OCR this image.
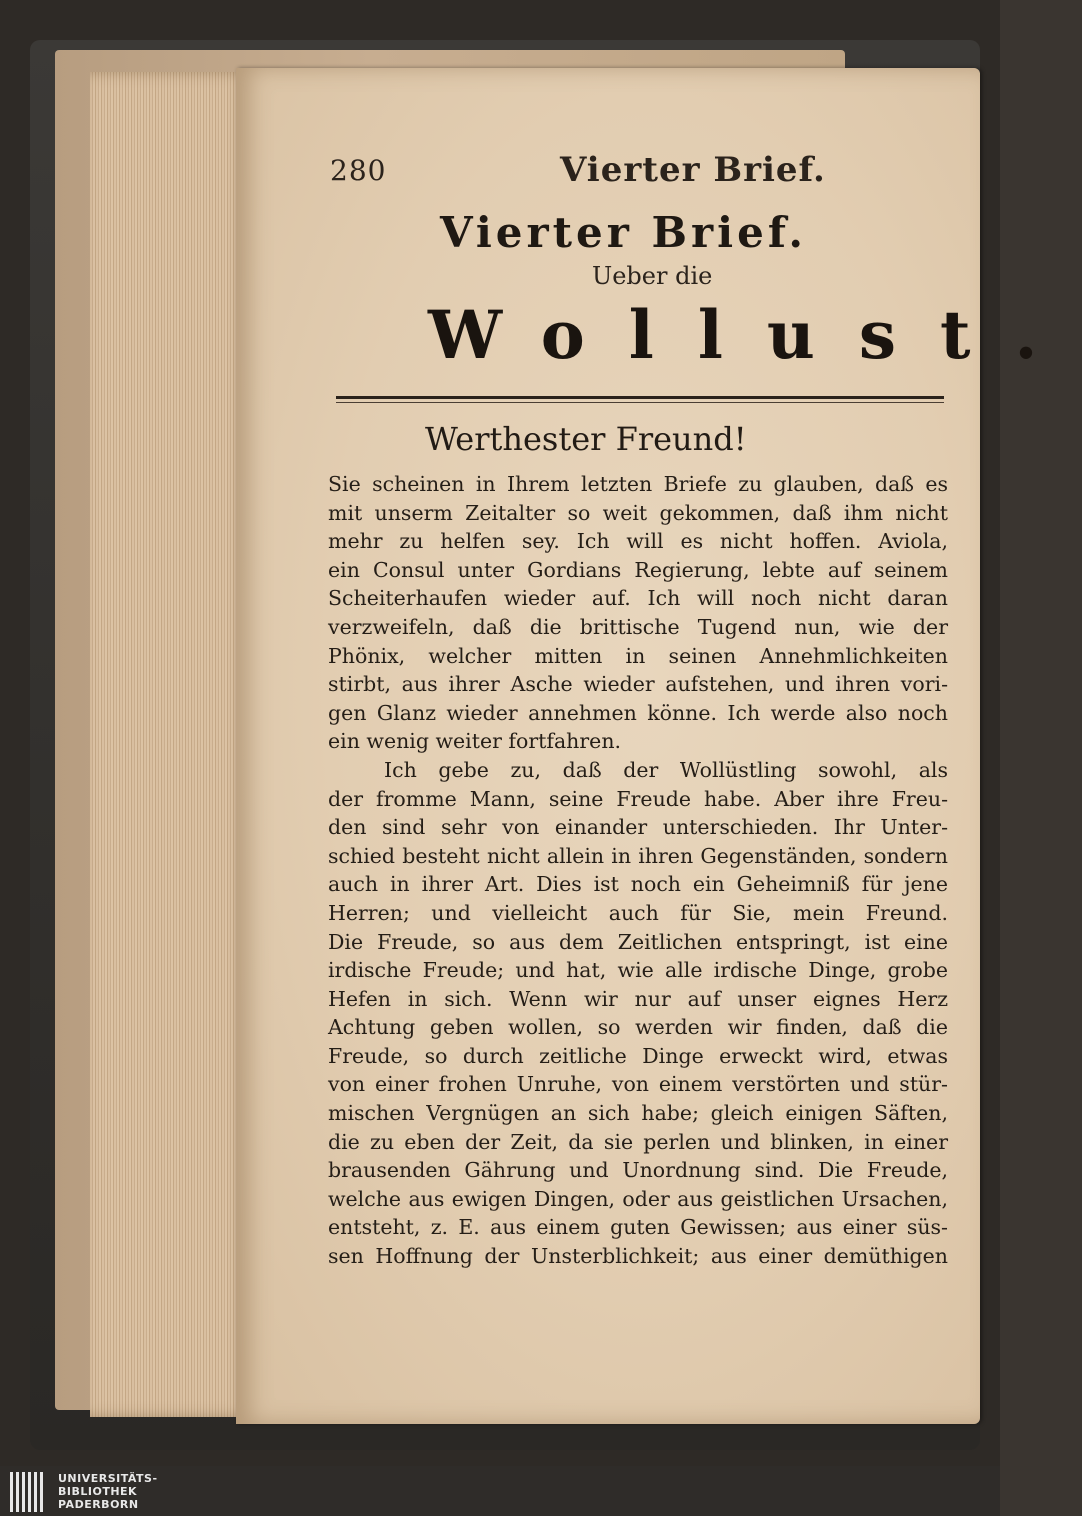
280	Vierter Brief.
Vierter Brief.
Ueber die
Wollust.
Werthester Freund!
Sie scheinen in Ihrem letzten Briefe zu glauben, daß es
mit unserm Zeitalter so weit gekommen, daß ihm nicht
mehr zu helfen sey. Ich will es nicht hoffen. Aviola,
ein Consul unter Gordians Regierung, lebte auf seinem
Scheiterhaufen wieder auf. Ich will noch nicht daran
verzweifeln, daß die brittische Tugend nun, wie der
Phönix, welcher mitten in seinen Annehmlichkeiten
stirbt, aus ihrer Asche wieder aufstehen, und ihren vori-
gen Glanz wieder annehmen könne. Ich werde also noch
ein wenig weiter fortfahren.
Ich gebe zu, daß der Wollüstling sowohl, als
der fromme Mann, seine Freude habe. Aber ihre Freu-
den sind sehr von einander unterschieden. Ihr Unter-
schied besteht nicht allein in ihren Gegenständen, sondern
auch in ihrer Art. Dies ist noch ein Geheimniß für jene
Herren; und vielleicht auch für Sie, mein Freund.
Die Freude, so aus dem Zeitlichen entspringt, ist eine
irdische Freude; und hat, wie alle irdische Dinge, grobe
Hefen in sich. Wenn wir nur auf unser eignes Herz
Achtung geben wollen, so werden wir finden, daß die
Freude, so durch zeitliche Dinge erweckt wird, etwas
von einer frohen Unruhe, von einem verstörten und stür-
mischen Vergnügen an sich habe; gleich einigen Säften,
die zu eben der Zeit, da sie perlen und blinken, in einer
brausenden Gährung und Unordnung sind. Die Freude,
welche aus ewigen Dingen, oder aus geistlichen Ursachen,
entsteht, z. E. aus einem guten Gewissen; aus einer süs-
sen Hoffnung der Unsterblichkeit; aus einer demüthigen
UNIVERSITÄTS-
BIBLIOTHEK
PADERBORN
